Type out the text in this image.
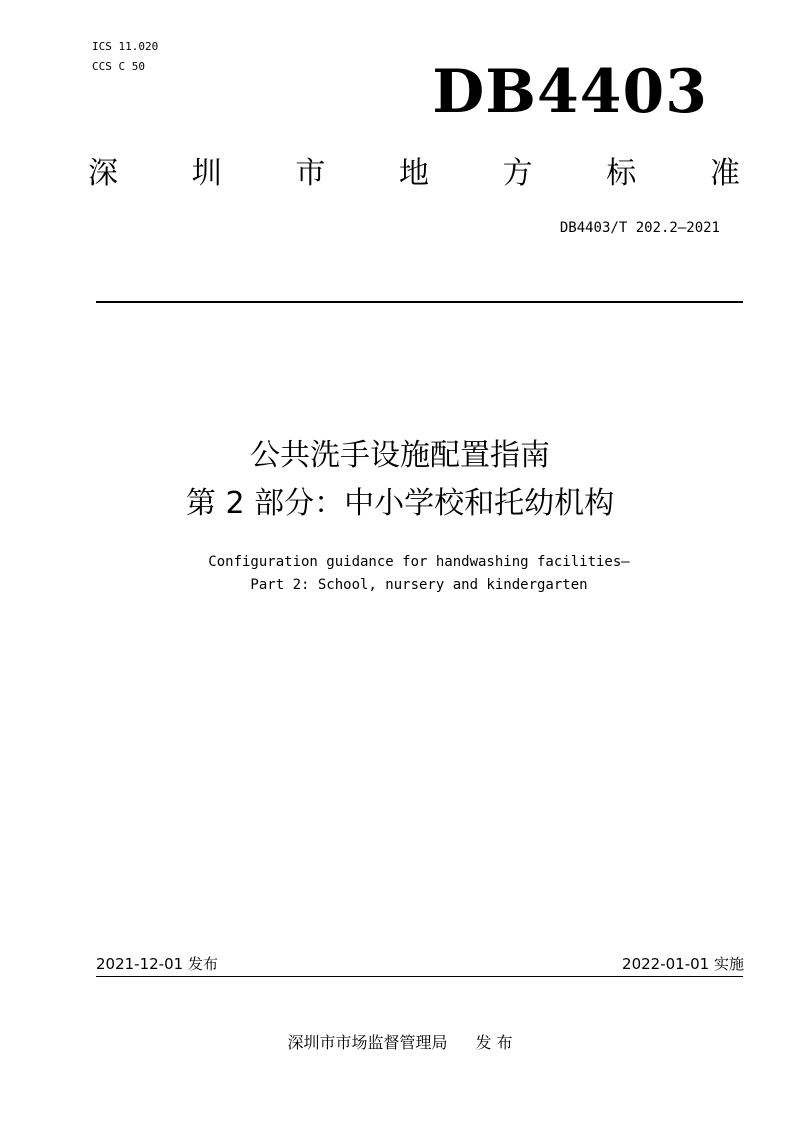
ICS 11.020
CCS C 50	DB4403
深 圳 市 地 方 标 准
DB4403/T 202.2—2021
公共洗手设施配置指南
第 2 部分：中小学校和托幼机构
Configuration guidance for handwashing facilities—
Part 2: School, nursery and kindergarten
2021-12-01 发布	2022-01-01 实施
深圳市市场监督管理局 发 布
